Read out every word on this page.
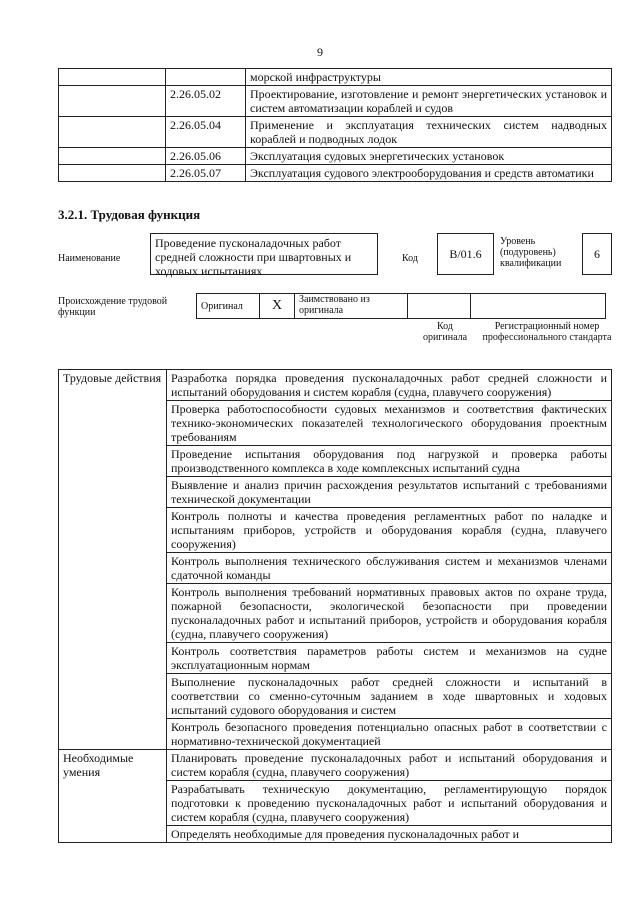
9
		морской инфраструктуры
	2.26.05.02	Проектирование, изготовление и ремонт энергетических установок и систем автоматизации кораблей и судов
	2.26.05.04	Применение и эксплуатация технических систем надводных кораблей и подводных лодок
	2.26.05.06	Эксплуатация судовых энергетических установок
	2.26.05.07	Эксплуатация судового электрооборудования и средств автоматики
3.2.1. Трудовая функция
Наименование
Проведение пусконаладочных работ средней сложности при швартовных и ходовых испытаниях
Код	B/01.6
Уровень (подуровень) квалификации
6
Происхождение трудовой функции
Оригинал	X	Заимствовано из оригинала		
Код оригинала
Регистрационный номер профессионального стандарта
Трудовые действия	Разработка порядка проведения пусконаладочных работ средней сложности и испытаний оборудования и систем корабля (судна, плавучего сооружения)
	Проверка работоспособности судовых механизмов и соответствия фактических технико-экономических показателей технологического оборудования проектным требованиям
	Проведение испытания оборудования под нагрузкой и проверка работы производственного комплекса в ходе комплексных испытаний судна
	Выявление и анализ причин расхождения результатов испытаний с требованиями технической документации
	Контроль полноты и качества проведения регламентных работ по наладке и испытаниям приборов, устройств и оборудования корабля (судна, плавучего сооружения)
	Контроль выполнения технического обслуживания систем и механизмов членами сдаточной команды
	Контроль выполнения требований нормативных правовых актов по охране труда, пожарной безопасности, экологической безопасности при проведении пусконаладочных работ и испытаний приборов, устройств и оборудования корабля (судна, плавучего сооружения)
	Контроль соответствия параметров работы систем и механизмов на судне эксплуатационным нормам
	Выполнение пусконаладочных работ средней сложности и испытаний в соответствии со сменно-суточным заданием в ходе швартовных и ходовых испытаний судового оборудования и систем
	Контроль безопасного проведения потенциально опасных работ в соответствии с нормативно-технической документацией
Необходимые умения	Планировать проведение пусконаладочных работ и испытаний оборудования и систем корабля (судна, плавучего сооружения)
	Разрабатывать техническую документацию, регламентирующую порядок подготовки к проведению пусконаладочных работ и испытаний оборудования и систем корабля (судна, плавучего сооружения)
	Определять необходимые для проведения пусконаладочных работ и
